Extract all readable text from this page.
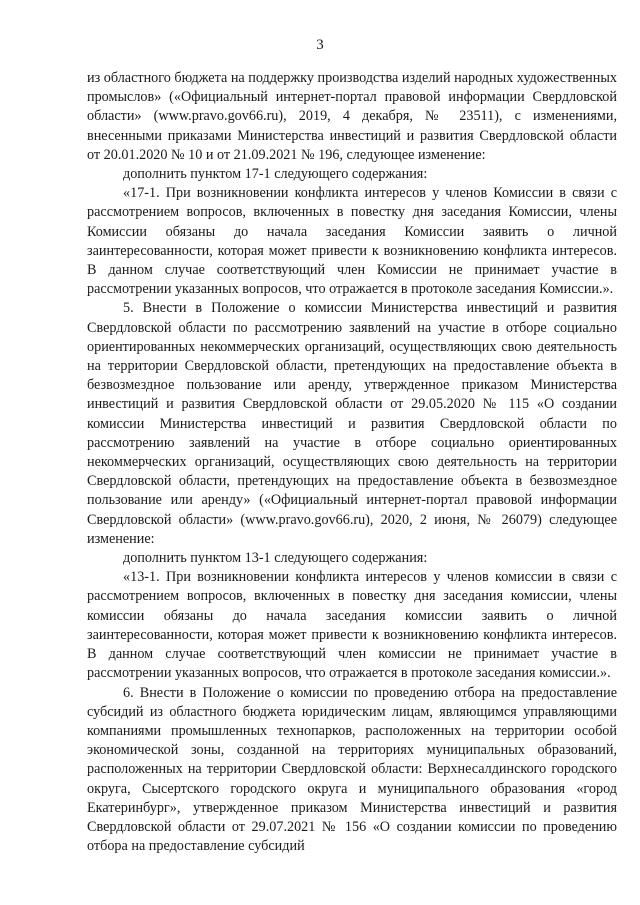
3

из областного бюджета на поддержку производства изделий народных художественных промыслов» («Официальный интернет-портал правовой информации Свердловской области» (www.pravo.gov66.ru), 2019, 4 декабря, № 23511), с изменениями, внесенными приказами Министерства инвестиций и развития Свердловской области от 20.01.2020 № 10 и от 21.09.2021 № 196, следующее изменение:

дополнить пунктом 17-1 следующего содержания:

«17-1. При возникновении конфликта интересов у членов Комиссии в связи с рассмотрением вопросов, включенных в повестку дня заседания Комиссии, члены Комиссии обязаны до начала заседания Комиссии заявить о личной заинтересованности, которая может привести к возникновению конфликта интересов. В данном случае соответствующий член Комиссии не принимает участие в рассмотрении указанных вопросов, что отражается в протоколе заседания Комиссии.».

5. Внести в Положение о комиссии Министерства инвестиций и развития Свердловской области по рассмотрению заявлений на участие в отборе социально ориентированных некоммерческих организаций, осуществляющих свою деятельность на территории Свердловской области, претендующих на предоставление объекта в безвозмездное пользование или аренду, утвержденное приказом Министерства инвестиций и развития Свердловской области от 29.05.2020 № 115 «О создании комиссии Министерства инвестиций и развития Свердловской области по рассмотрению заявлений на участие в отборе социально ориентированных некоммерческих организаций, осуществляющих свою деятельность на территории Свердловской области, претендующих на предоставление объекта в безвозмездное пользование или аренду» («Официальный интернет-портал правовой информации Свердловской области» (www.pravo.gov66.ru), 2020, 2 июня, № 26079) следующее изменение:

дополнить пунктом 13-1 следующего содержания:

«13-1. При возникновении конфликта интересов у членов комиссии в связи с рассмотрением вопросов, включенных в повестку дня заседания комиссии, члены комиссии обязаны до начала заседания комиссии заявить о личной заинтересованности, которая может привести к возникновению конфликта интересов. В данном случае соответствующий член комиссии не принимает участие в рассмотрении указанных вопросов, что отражается в протоколе заседания комиссии.».

6. Внести в Положение о комиссии по проведению отбора на предоставление субсидий из областного бюджета юридическим лицам, являющимся управляющими компаниями промышленных технопарков, расположенных на территории особой экономической зоны, созданной на территориях муниципальных образований, расположенных на территории Свердловской области: Верхнесалдинского городского округа, Сысертского городского округа и муниципального образования «город Екатеринбург», утвержденное приказом Министерства инвестиций и развития Свердловской области от 29.07.2021 № 156 «О создании комиссии по проведению отбора на предоставление субсидий
